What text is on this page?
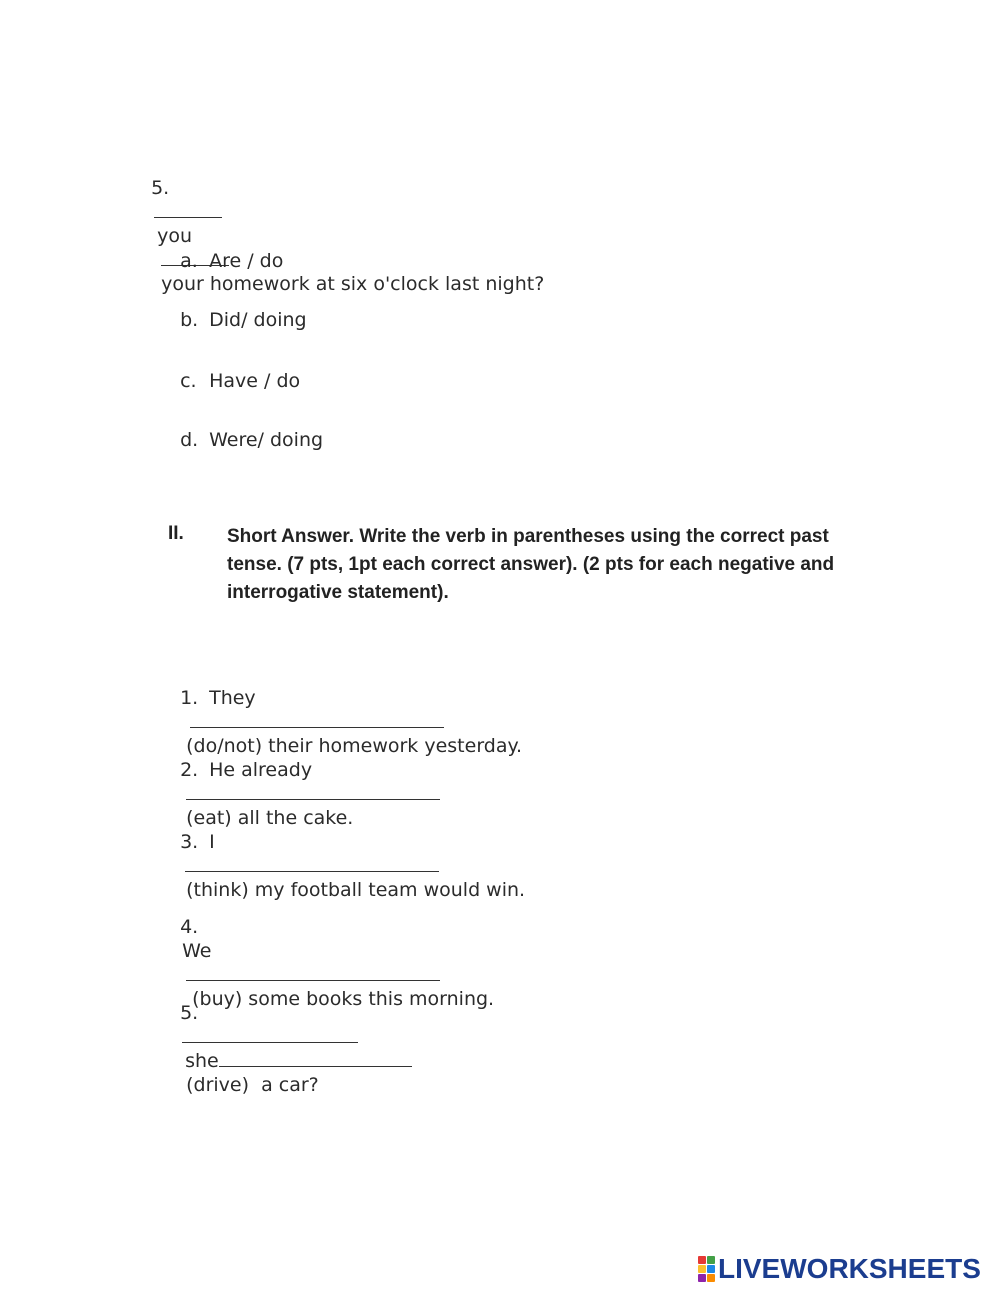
5.

you

your homework at six o'clock last night?

a. Are / do

b. Did/ doing

c. Have / do

d. Were/ doing

II. Short Answer. Write the verb in parentheses using the correct past tense. (7 pts, 1pt each correct answer). (2 pts for each negative and interrogative statement).

1. They

(do/not) their homework yesterday.

2. He already

(eat) all the cake.

3. I

(think) my football team would win.

4.
We

(buy) some books this morning.

5.

she
(drive)  a car?

LIVEWORKSHEETS
